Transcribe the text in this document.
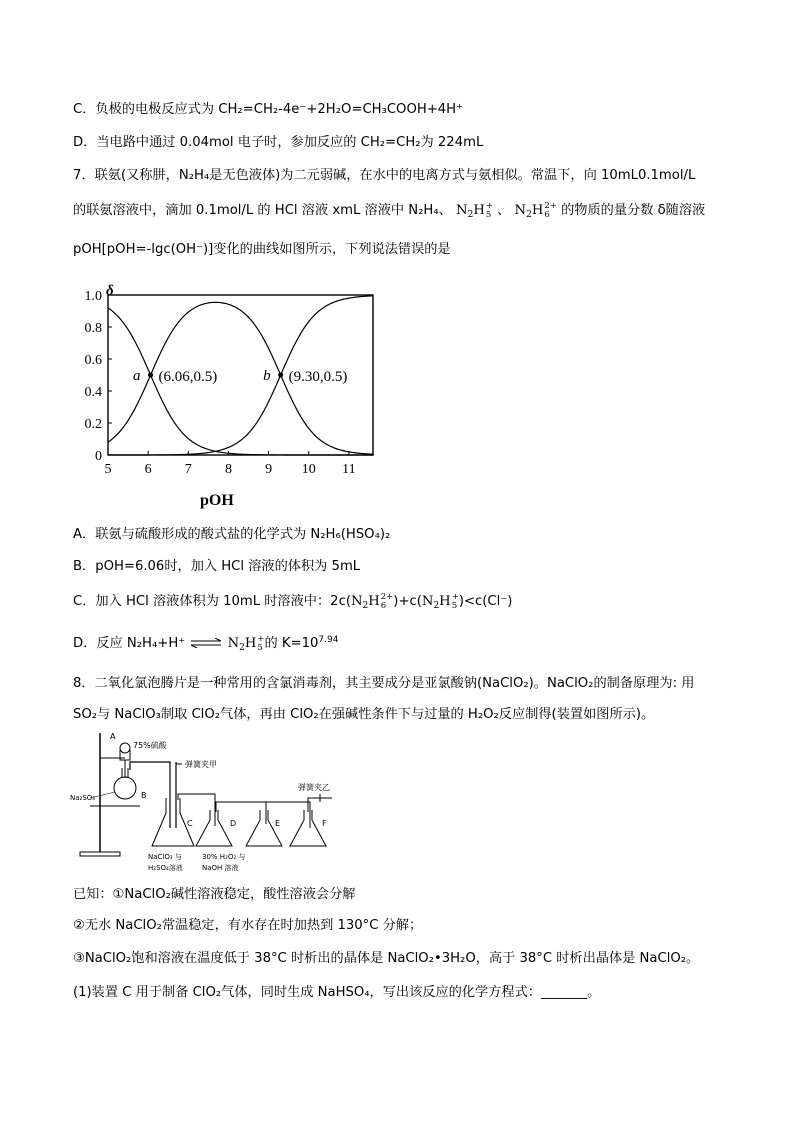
C．负极的电极反应式为 CH₂=CH₂-4e⁻+2H₂O=CH₃COOH+4H⁺
D．当电路中通过 0.04mol 电子时，参加反应的 CH₂=CH₂为 224mL
7．联氨(又称肼，N₂H₄是无色液体)为二元弱碱，在水中的电离方式与氨相似。常温下，向 10mL0.1mol/L
的联氨溶液中，滴加 0.1mol/L 的 HCl 溶液 xmL 溶液中 N₂H₄、 $N_2H$ +
5 、 $N_2H$ 2+
6 的物质的量分数 δ随溶液
pOH[pOH=-lgc(OH⁻)]变化的曲线如图所示，下列说法错误的是
δ
0
0.2
0.4
0.6
0.8
1.0
5 6 7 8 9 10 11
a (6.06,0.5)	b (9.30,0.5)
pOH
A．联氨与硫酸形成的酸式盐的化学式为 N₂H₆(HSO₄)₂
B．pOH=6.06时，加入 HCl 溶液的体积为 5mL
C．加入 HCl 溶液体积为 10mL 时溶液中：$2c(N_2H$ 2+
6 )$+c(N_2H$ +
5 )<c(Cl⁻)
D．反应 N₂H₄+H⁺ ⇌ $N_2H$ +
5 的 $K=10^{7.94}$
8．二氧化氯泡腾片是一种常用的含氯消毒剂，其主要成分是亚氯酸钠(NaClO₂)。NaClO₂的制备原理为: 用
SO₂与 NaClO₃制取 ClO₂气体，再由 ClO₂在强碱性条件下与过量的 H₂O₂反应制得(装置如图所示)。
A
75%硫酸
B
Na₂SO₃
弹簧夹甲
C
NaClO₃ 与
H₂SO₄溶液
D
30% H₂O₂ 与
NaOH 溶液
E	F
弹簧夹乙
已知：①NaClO₂碱性溶液稳定，酸性溶液会分解
②无水 NaClO₂常温稳定，有水存在时加热到 130°C 分解；
③NaClO₂饱和溶液在温度低于 38°C 时析出的晶体是 NaClO₂•3H₂O，高于 38°C 时析出晶体是 NaClO₂。
(1)装置 C 用于制备 ClO₂气体，同时生成 NaHSO₄，写出该反应的化学方程式：_______。
